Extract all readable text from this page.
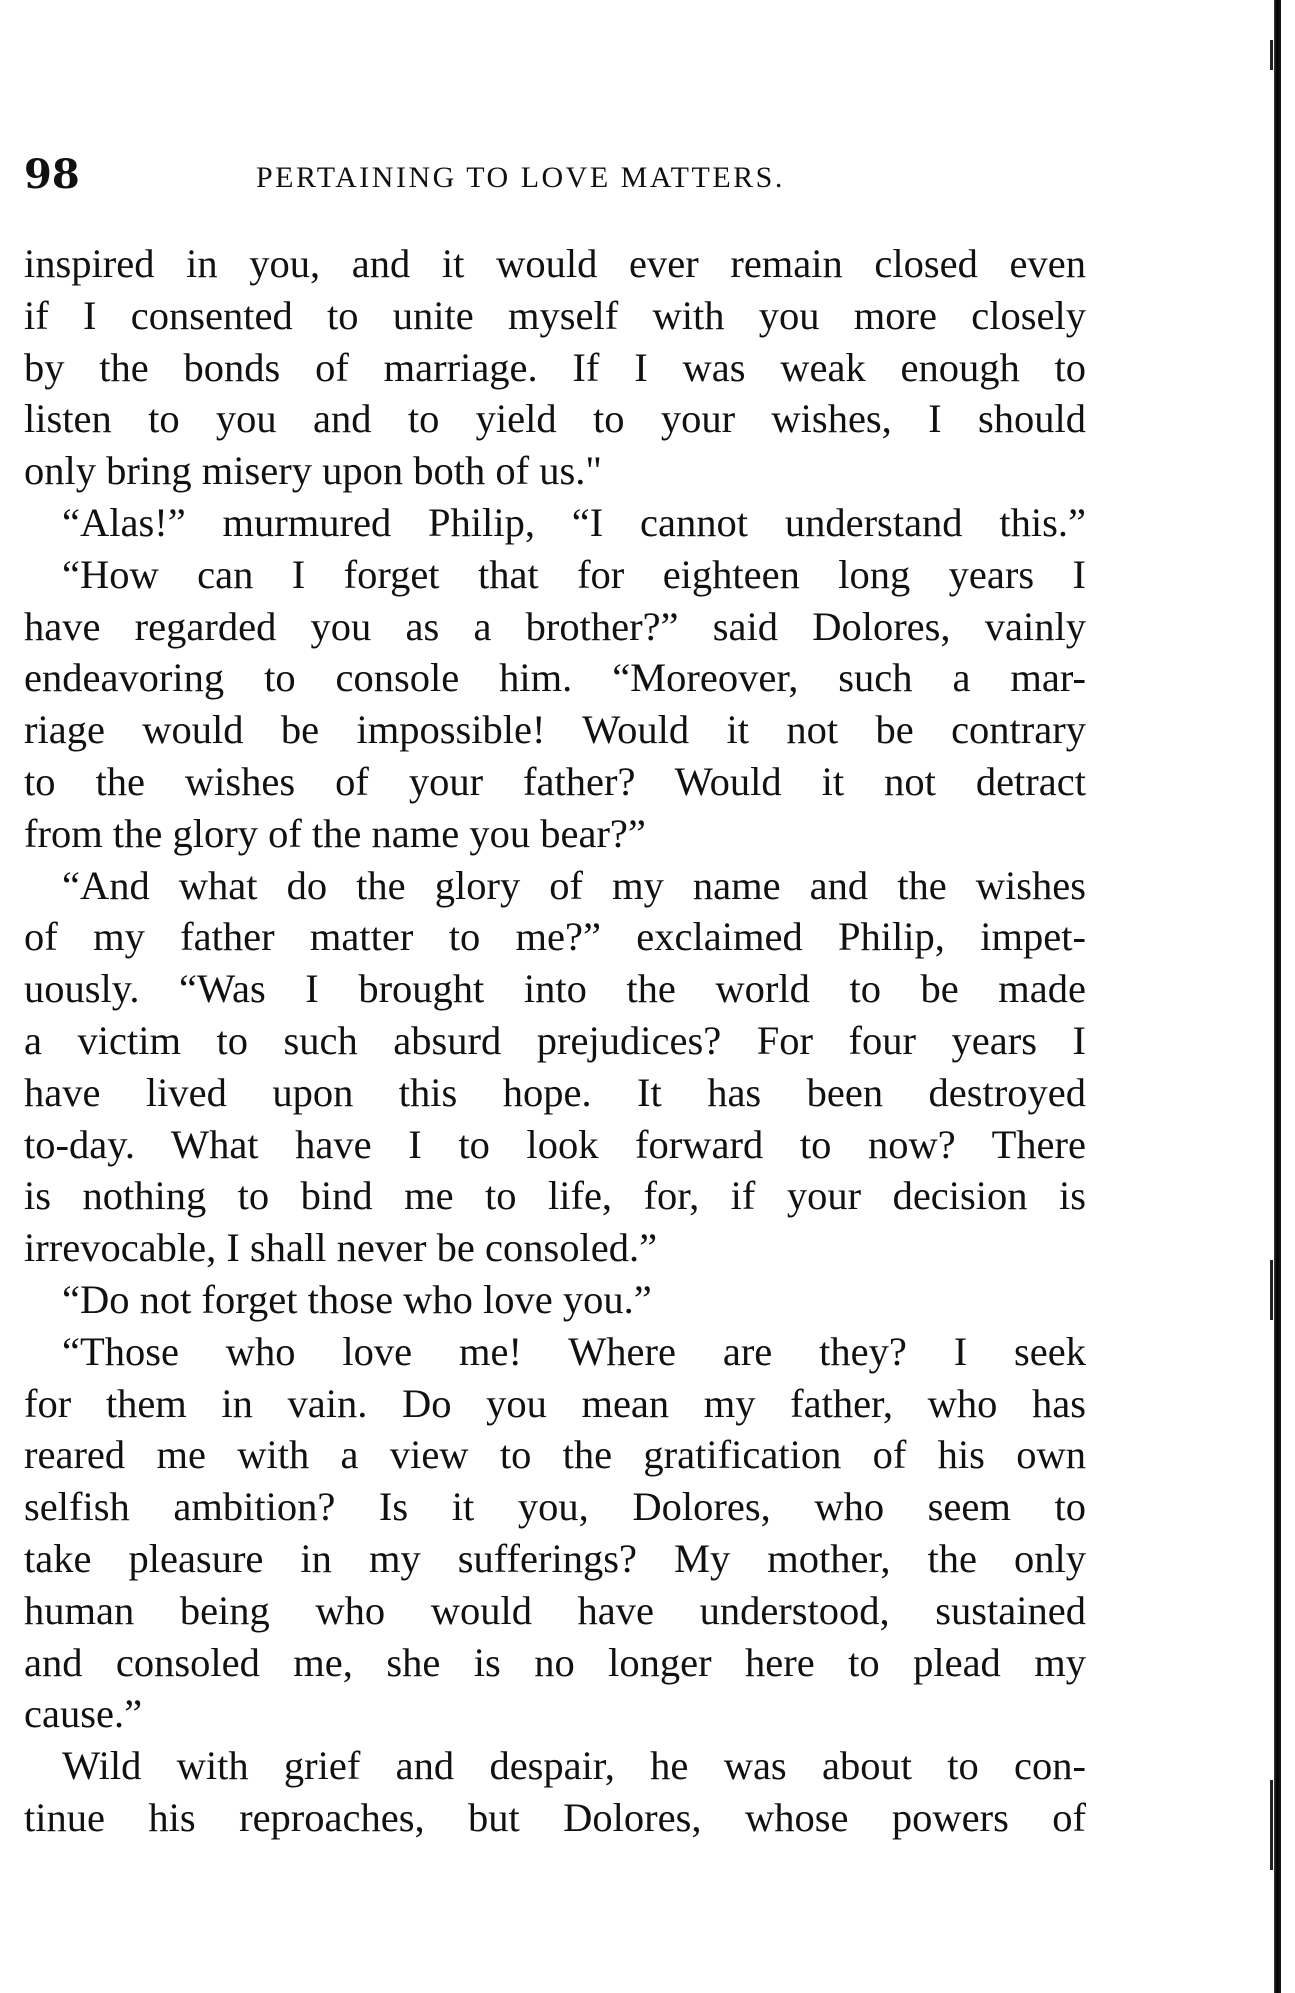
98	PERTAINING TO LOVE MATTERS.
inspired in you, and it would ever remain closed even
if I consented to unite myself with you more closely
by the bonds of marriage. If I was weak enough to
listen to you and to yield to your wishes, I should
only bring misery upon both of us."
“Alas!” murmured Philip, “I cannot understand this.”
“How can I forget that for eighteen long years I
have regarded you as a brother?” said Dolores, vainly
endeavoring to console him. “Moreover, such a mar-
riage would be impossible! Would it not be contrary
to the wishes of your father? Would it not detract
from the glory of the name you bear?”
“And what do the glory of my name and the wishes
of my father matter to me?” exclaimed Philip, impet-
uously. “Was I brought into the world to be made
a victim to such absurd prejudices? For four years I
have lived upon this hope. It has been destroyed
to-day. What have I to look forward to now? There
is nothing to bind me to life, for, if your decision is
irrevocable, I shall never be consoled.”
“Do not forget those who love you.”
“Those who love me! Where are they? I seek
for them in vain. Do you mean my father, who has
reared me with a view to the gratification of his own
selfish ambition? Is it you, Dolores, who seem to
take pleasure in my sufferings? My mother, the only
human being who would have understood, sustained
and consoled me, she is no longer here to plead my
cause.”
Wild with grief and despair, he was about to con-
tinue his reproaches, but Dolores, whose powers of
